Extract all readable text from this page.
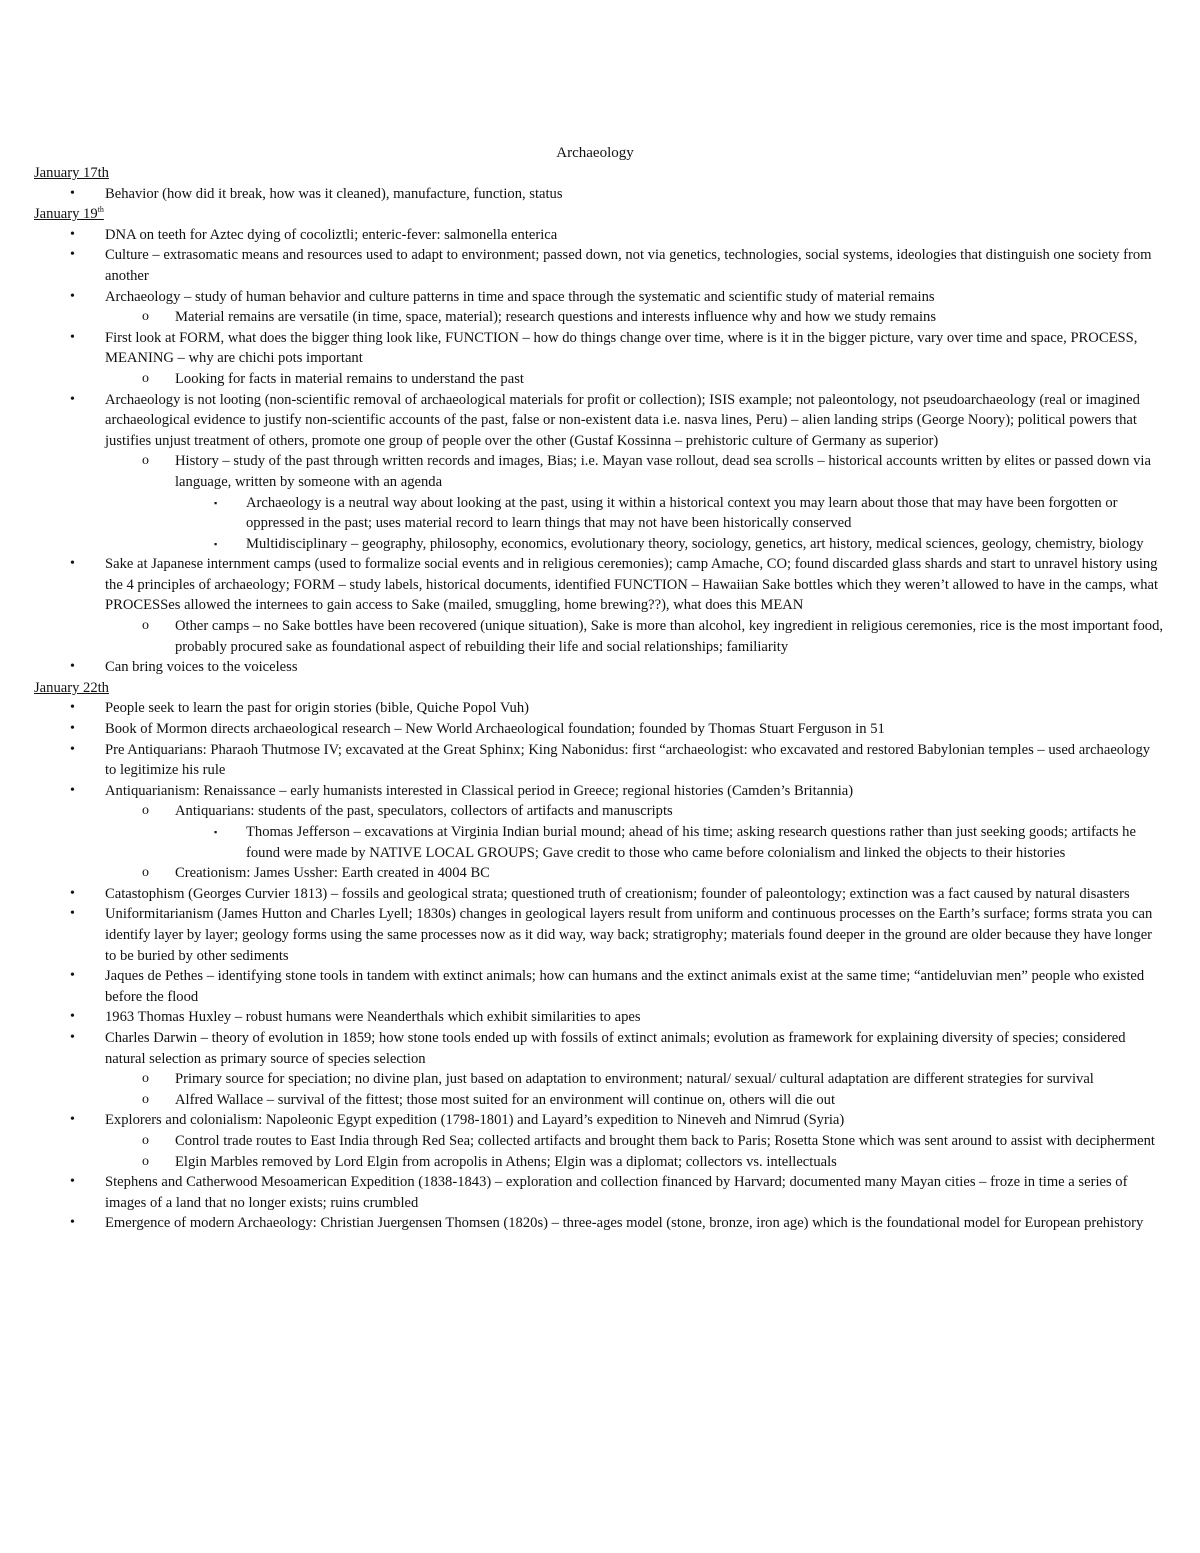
Archaeology
January 17th
• Behavior (how did it break, how was it cleaned), manufacture, function, status
January 19th
• DNA on teeth for Aztec dying of cocoliztli; enteric-fever: salmonella enterica
• Culture – extrasomatic means and resources used to adapt to environment; passed down, not via genetics, technologies, social systems, ideologies that distinguish one society from another
• Archaeology – study of human behavior and culture patterns in time and space through the systematic and scientific study of material remains
o Material remains are versatile (in time, space, material); research questions and interests influence why and how we study remains
• First look at FORM, what does the bigger thing look like, FUNCTION – how do things change over time, where is it in the bigger picture, vary over time and space, PROCESS, MEANING – why are chichi pots important
o Looking for facts in material remains to understand the past
• Archaeology is not looting (non-scientific removal of archaeological materials for profit or collection); ISIS example; not paleontology, not pseudoarchaeology (real or imagined archaeological evidence to justify non-scientific accounts of the past, false or non-existent data i.e. nasva lines, Peru) – alien landing strips (George Noory); political powers that justifies unjust treatment of others, promote one group of people over the other (Gustaf Kossinna – prehistoric culture of Germany as superior)
o History – study of the past through written records and images, Bias; i.e. Mayan vase rollout, dead sea scrolls – historical accounts written by elites or passed down via language, written by someone with an agenda
▪ Archaeology is a neutral way about looking at the past, using it within a historical context you may learn about those that may have been forgotten or oppressed in the past; uses material record to learn things that may not have been historically conserved
▪ Multidisciplinary – geography, philosophy, economics, evolutionary theory, sociology, genetics, art history, medical sciences, geology, chemistry, biology
• Sake at Japanese internment camps (used to formalize social events and in religious ceremonies); camp Amache, CO; found discarded glass shards and start to unravel history using the 4 principles of archaeology; FORM – study labels, historical documents, identified FUNCTION – Hawaiian Sake bottles which they weren’t allowed to have in the camps, what PROCESSes allowed the internees to gain access to Sake (mailed, smuggling, home brewing??), what does this MEAN
o Other camps – no Sake bottles have been recovered (unique situation), Sake is more than alcohol, key ingredient in religious ceremonies, rice is the most important food, probably procured sake as foundational aspect of rebuilding their life and social relationships; familiarity
• Can bring voices to the voiceless
January 22th
• People seek to learn the past for origin stories (bible, Quiche Popol Vuh)
• Book of Mormon directs archaeological research – New World Archaeological foundation; founded by Thomas Stuart Ferguson in 51
• Pre Antiquarians: Pharaoh Thutmose IV; excavated at the Great Sphinx; King Nabonidus: first “archaeologist: who excavated and restored Babylonian temples – used archaeology to legitimize his rule
• Antiquarianism: Renaissance – early humanists interested in Classical period in Greece; regional histories (Camden’s Britannia)
o Antiquarians: students of the past, speculators, collectors of artifacts and manuscripts
▪ Thomas Jefferson – excavations at Virginia Indian burial mound; ahead of his time; asking research questions rather than just seeking goods; artifacts he found were made by NATIVE LOCAL GROUPS; Gave credit to those who came before colonialism and linked the objects to their histories
o Creationism: James Ussher: Earth created in 4004 BC
• Catastophism (Georges Curvier 1813) – fossils and geological strata; questioned truth of creationism; founder of paleontology; extinction was a fact caused by natural disasters
• Uniformitarianism (James Hutton and Charles Lyell; 1830s) changes in geological layers result from uniform and continuous processes on the Earth’s surface; forms strata you can identify layer by layer; geology forms using the same processes now as it did way, way back; stratigrophy; materials found deeper in the ground are older because they have longer to be buried by other sediments
• Jaques de Pethes – identifying stone tools in tandem with extinct animals; how can humans and the extinct animals exist at the same time; “antideluvian men” people who existed before the flood
• 1963 Thomas Huxley – robust humans were Neanderthals which exhibit similarities to apes
• Charles Darwin – theory of evolution in 1859; how stone tools ended up with fossils of extinct animals; evolution as framework for explaining diversity of species; considered natural selection as primary source of species selection
o Primary source for speciation; no divine plan, just based on adaptation to environment; natural/ sexual/ cultural adaptation are different strategies for survival
o Alfred Wallace – survival of the fittest; those most suited for an environment will continue on, others will die out
• Explorers and colonialism: Napoleonic Egypt expedition (1798-1801) and Layard’s expedition to Nineveh and Nimrud (Syria)
o Control trade routes to East India through Red Sea; collected artifacts and brought them back to Paris; Rosetta Stone which was sent around to assist with decipherment
o Elgin Marbles removed by Lord Elgin from acropolis in Athens; Elgin was a diplomat; collectors vs. intellectuals
• Stephens and Catherwood Mesoamerican Expedition (1838-1843) – exploration and collection financed by Harvard; documented many Mayan cities – froze in time a series of images of a land that no longer exists; ruins crumbled
• Emergence of modern Archaeology: Christian Juergensen Thomsen (1820s) – three-ages model (stone, bronze, iron age) which is the foundational model for European prehistory
